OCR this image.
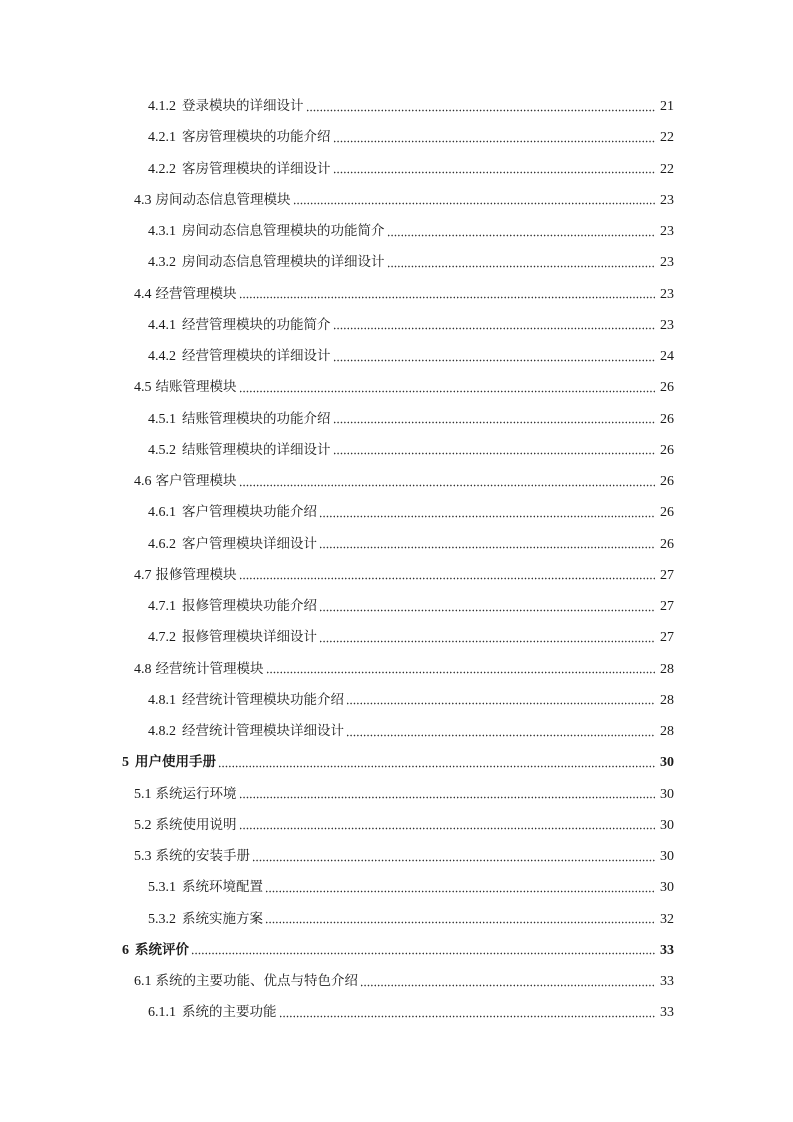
4.1.2 登录模块的详细设计	21
4.2.1 客房管理模块的功能介绍	22
4.2.2 客房管理模块的详细设计	22
4.3 房间动态信息管理模块	23
4.3.1 房间动态信息管理模块的功能简介	23
4.3.2 房间动态信息管理模块的详细设计	23
4.4 经营管理模块	23
4.4.1 经营管理模块的功能简介	23
4.4.2 经营管理模块的详细设计	24
4.5 结账管理模块	26
4.5.1 结账管理模块的功能介绍	26
4.5.2 结账管理模块的详细设计	26
4.6 客户管理模块	26
4.6.1 客户管理模块功能介绍	26
4.6.2 客户管理模块详细设计	26
4.7 报修管理模块	27
4.7.1 报修管理模块功能介绍	27
4.7.2 报修管理模块详细设计	27
4.8 经营统计管理模块	28
4.8.1 经营统计管理模块功能介绍	28
4.8.2 经营统计管理模块详细设计	28
5 用户使用手册	30
5.1 系统运行环境	30
5.2 系统使用说明	30
5.3 系统的安装手册	30
5.3.1 系统环境配置	30
5.3.2 系统实施方案	32
6 系统评价	33
6.1 系统的主要功能、优点与特色介绍	33
6.1.1 系统的主要功能	33
